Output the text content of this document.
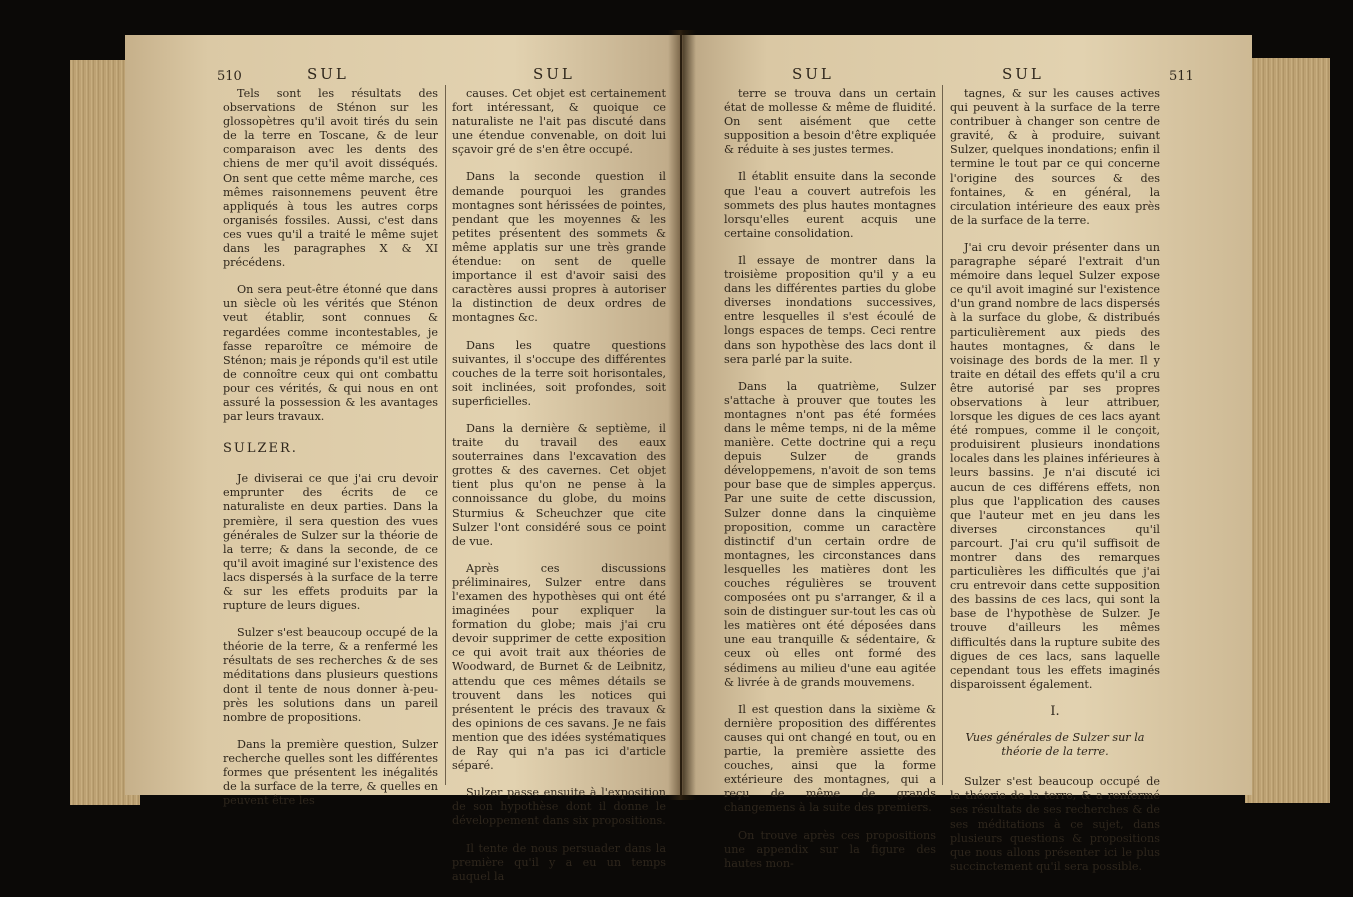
510	SUL	SUL

Tels sont les résultats des observations de Sténon sur les glossopètres qu'il avoit tirés du sein de la terre en Toscane, & de leur comparaison avec les dents des chiens de mer qu'il avoit disséqués. On sent que cette même marche, ces mêmes raisonnemens peuvent être appliqués à tous les autres corps organisés fossiles. Aussi, c'est dans ces vues qu'il a traité le même sujet dans les paragraphes X & XI précédens.

On sera peut-être étonné que dans un siècle où les vérités que Sténon veut établir, sont connues & regardées comme incontestables, je fasse reparoître ce mémoire de Sténon; mais je réponds qu'il est utile de connoître ceux qui ont combattu pour ces vérités, & qui nous en ont assuré la possession & les avantages par leurs travaux.

SULZER.

Je diviserai ce que j'ai cru devoir emprunter des écrits de ce naturaliste en deux parties. Dans la première, il sera question des vues générales de Sulzer sur la théorie de la terre; & dans la seconde, de ce qu'il avoit imaginé sur l'existence des lacs dispersés à la surface de la terre & sur les effets produits par la rupture de leurs digues.

Sulzer s'est beaucoup occupé de la théorie de la terre, & a renfermé les résultats de ses recherches & de ses méditations dans plusieurs questions dont il tente de nous donner à-peu-près les solutions dans un pareil nombre de propositions.

Dans la première question, Sulzer recherche quelles sont les différentes formes que présentent les inégalités de la surface de la terre, & quelles en peuvent être les

causes. Cet objet est certainement fort intéressant, & quoique ce naturaliste ne l'ait pas discuté dans une étendue convenable, on doit lui sçavoir gré de s'en être occupé.

Dans la seconde question il demande pourquoi les grandes montagnes sont hérissées de pointes, pendant que les moyennes & les petites présentent des sommets & même applatis sur une très grande étendue: on sent de quelle importance il est d'avoir saisi des caractères aussi propres à autoriser la distinction de deux ordres de montagnes &c.

Dans les quatre questions suivantes, il s'occupe des différentes couches de la terre soit horisontales, soit inclinées, soit profondes, soit superficielles.

Dans la dernière & septième, il traite du travail des eaux souterraines dans l'excavation des grottes & des cavernes. Cet objet tient plus qu'on ne pense à la connoissance du globe, du moins Sturmius & Scheuchzer que cite Sulzer l'ont considéré sous ce point de vue.

Après ces discussions préliminaires, Sulzer entre dans l'examen des hypothèses qui ont été imaginées pour expliquer la formation du globe; mais j'ai cru devoir supprimer de cette exposition ce qui avoit trait aux théories de Woodward, de Burnet & de Leibnitz, attendu que ces mêmes détails se trouvent dans les notices qui présentent le précis des travaux & des opinions de ces savans. Je ne fais mention que des idées systématiques de Ray qui n'a pas ici d'article séparé.

Sulzer passe ensuite à l'exposition de son hypothèse dont il donne le développement dans six propositions.

Il tente de nous persuader dans la première qu'il y a eu un temps auquel la

SUL	SUL	511

terre se trouva dans un certain état de mollesse & même de fluidité. On sent aisément que cette supposition a besoin d'être expliquée & réduite à ses justes termes.

Il établit ensuite dans la seconde que l'eau a couvert autrefois les sommets des plus hautes montagnes lorsqu'elles eurent acquis une certaine consolidation.

Il essaye de montrer dans la troisième proposition qu'il y a eu dans les différentes parties du globe diverses inondations successives, entre lesquelles il s'est écoulé de longs espaces de temps. Ceci rentre dans son hypothèse des lacs dont il sera parlé par la suite.

Dans la quatrième, Sulzer s'attache à prouver que toutes les montagnes n'ont pas été formées dans le même temps, ni de la même manière. Cette doctrine qui a reçu depuis Sulzer de grands développemens, n'avoit de son tems pour base que de simples apperçus. Par une suite de cette discussion, Sulzer donne dans la cinquième proposition, comme un caractère distinctif d'un certain ordre de montagnes, les circonstances dans lesquelles les matières dont les couches régulières se trouvent composées ont pu s'arranger, & il a soin de distinguer sur-tout les cas où les matières ont été déposées dans une eau tranquille & sédentaire, & ceux où elles ont formé des sédimens au milieu d'une eau agitée & livrée à de grands mouvemens.

Il est question dans la sixième & dernière proposition des différentes causes qui ont changé en tout, ou en partie, la première assiette des couches, ainsi que la forme extérieure des montagnes, qui a reçu de même de grands changemens à la suite des premiers.

On trouve après ces propositions une appendix sur la figure des hautes mon-

tagnes, & sur les causes actives qui peuvent à la surface de la terre contribuer à changer son centre de gravité, & à produire, suivant Sulzer, quelques inondations; enfin il termine le tout par ce qui concerne l'origine des sources & des fontaines, & en général, la circulation intérieure des eaux près de la surface de la terre.

J'ai cru devoir présenter dans un paragraphe séparé l'extrait d'un mémoire dans lequel Sulzer expose ce qu'il avoit imaginé sur l'existence d'un grand nombre de lacs dispersés à la surface du globe, & distribués particulièrement aux pieds des hautes montagnes, & dans le voisinage des bords de la mer. Il y traite en détail des effets qu'il a cru être autorisé par ses propres observations à leur attribuer, lorsque les digues de ces lacs ayant été rompues, comme il le conçoit, produisirent plusieurs inondations locales dans les plaines inférieures à leurs bassins. Je n'ai discuté ici aucun de ces différens effets, non plus que l'application des causes que l'auteur met en jeu dans les diverses circonstances qu'il parcourt. J'ai cru qu'il suffisoit de montrer dans des remarques particulières les difficultés que j'ai cru entrevoir dans cette supposition des bassins de ces lacs, qui sont la base de l'hypothèse de Sulzer. Je trouve d'ailleurs les mêmes difficultés dans la rupture subite des digues de ces lacs, sans laquelle cependant tous les effets imaginés disparoissent également.

I.

Vues générales de Sulzer sur la théorie de la terre.

Sulzer s'est beaucoup occupé de la théorie de la terre, & a renfermé ses résultats de ses recherches & de ses méditations à ce sujet, dans plusieurs questions & propositions que nous allons présenter ici le plus succinctement qu'il sera possible.
